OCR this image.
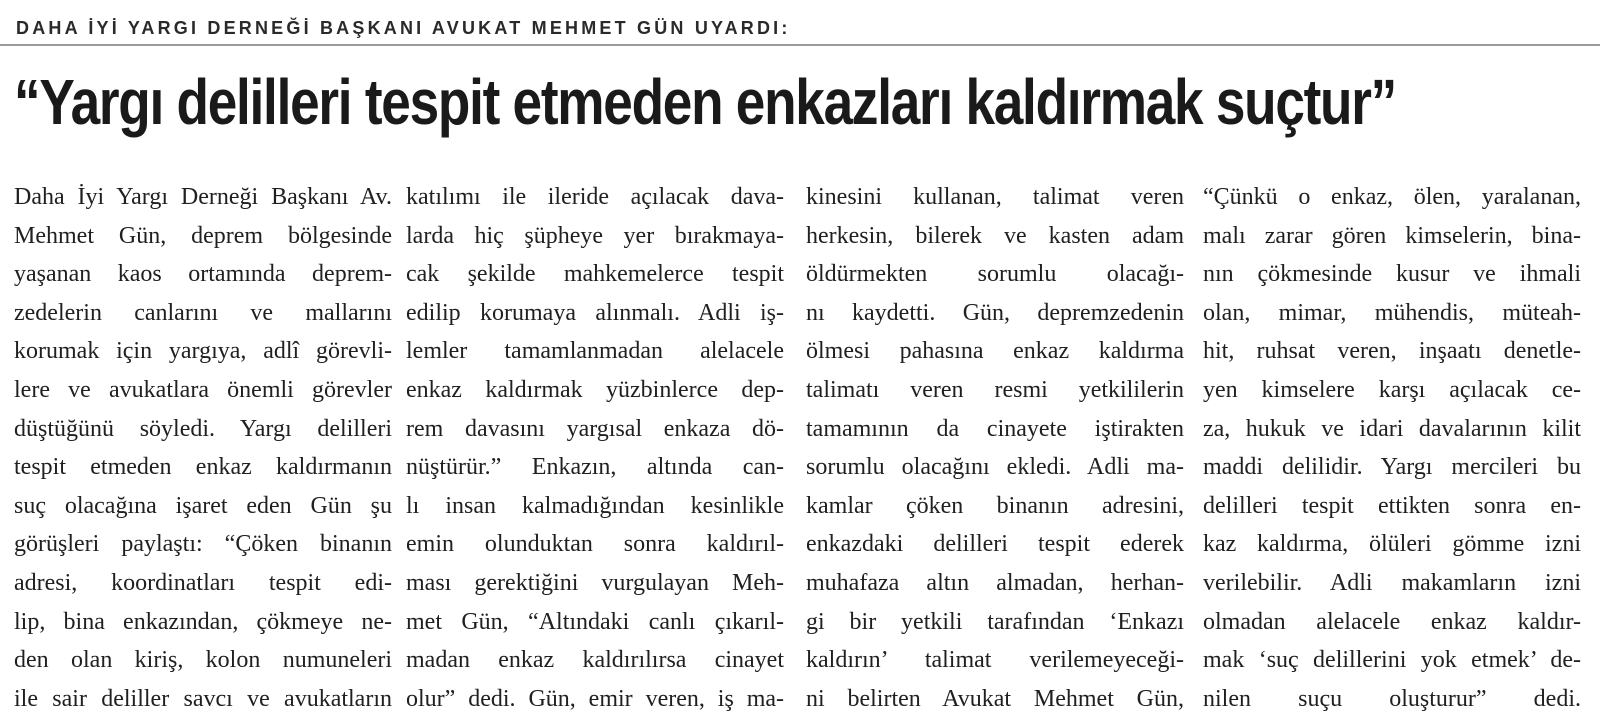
DAHA İYİ YARGI DERNEĞİ BAŞKANI AVUKAT MEHMET GÜN UYARDI:
“Yargı delilleri tespit etmeden enkazları kaldırmak suçtur”
Daha İyi Yargı Derneği Başkanı Av.
Mehmet Gün, deprem bölgesinde
yaşanan kaos ortamında deprem-
zedelerin canlarını ve mallarını
korumak için yargıya, adlî görevli-
lere ve avukatlara önemli görevler
düştüğünü söyledi. Yargı delilleri
tespit etmeden enkaz kaldırmanın
suç olacağına işaret eden Gün şu
görüşleri paylaştı: “Çöken binanın
adresi, koordinatları tespit edi-
lip, bina enkazından, çökmeye ne-
den olan kiriş, kolon numuneleri
ile sair deliller savcı ve avukatların
katılımı ile ileride açılacak dava-
larda hiç şüpheye yer bırakmaya-
cak şekilde mahkemelerce tespit
edilip korumaya alınmalı. Adli iş-
lemler tamamlanmadan alelacele
enkaz kaldırmak yüzbinlerce dep-
rem davasını yargısal enkaza dö-
nüştürür.” Enkazın, altında can-
lı insan kalmadığından kesinlikle
emin olunduktan sonra kaldırıl-
ması gerektiğini vurgulayan Meh-
met Gün, “Altındaki canlı çıkarıl-
madan enkaz kaldırılırsa cinayet
olur” dedi. Gün, emir veren, iş ma-
kinesini kullanan, talimat veren
herkesin, bilerek ve kasten adam
öldürmekten sorumlu olacağı-
nı kaydetti. Gün, depremzedenin
ölmesi pahasına enkaz kaldırma
talimatı veren resmi yetkililerin
tamamının da cinayete iştirakten
sorumlu olacağını ekledi. Adli ma-
kamlar çöken binanın adresini,
enkazdaki delilleri tespit ederek
muhafaza altın almadan, herhan-
gi bir yetkili tarafından ‘Enkazı
kaldırın’ talimat verilemeyeceği-
ni belirten Avukat Mehmet Gün,
“Çünkü o enkaz, ölen, yaralanan,
malı zarar gören kimselerin, bina-
nın çökmesinde kusur ve ihmali
olan, mimar, mühendis, müteah-
hit, ruhsat veren, inşaatı denetle-
yen kimselere karşı açılacak ce-
za, hukuk ve idari davalarının kilit
maddi delilidir. Yargı mercileri bu
delilleri tespit ettikten sonra en-
kaz kaldırma, ölüleri gömme izni
verilebilir. Adli makamların izni
olmadan alelacele enkaz kaldır-
mak ‘suç delillerini yok etmek’ de-
nilen suçu oluşturur” dedi.
